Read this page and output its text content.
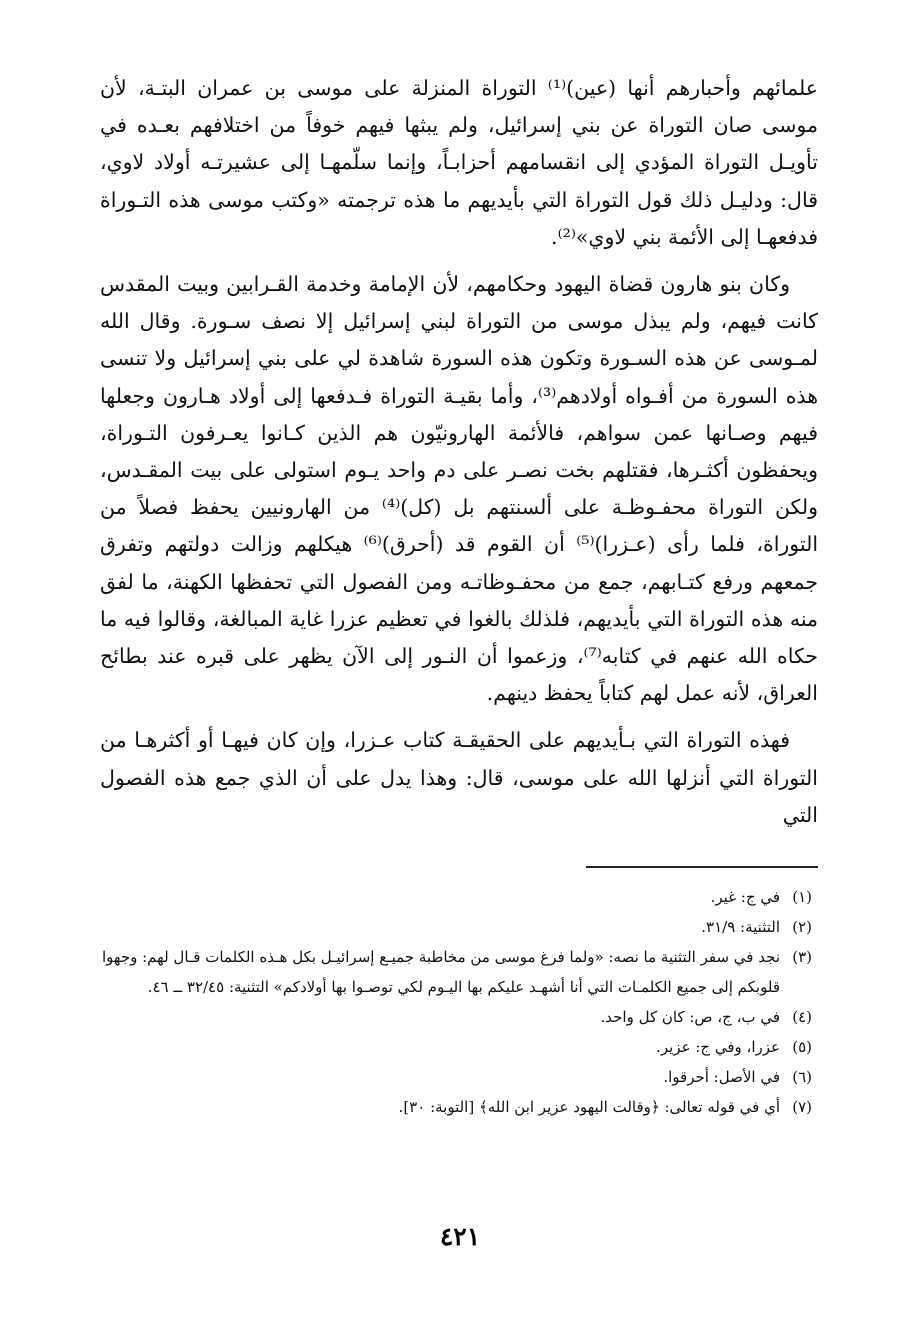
علمائهم وأحبارهم أنها (عين)⁽¹⁾ التوراة المنزلة على موسى بن عمران البتـة، لأن موسى صان التوراة عن بني إسرائيل، ولم يبثها فيهم خوفاً من اختلافهم بعـده في تأويـل التوراة المؤدي إلى انقسامهم أحزابـاً، وإنما سلّمهـا إلى عشيرتـه أولاد لاوي، قال: ودليـل ذلك قول التوراة التي بأيديهم ما هذه ترجمته «وكتب موسى هذه التـوراة فدفعهـا إلى الأئمة بني لاوي»⁽²⁾.

وكان بنو هارون قضاة اليهود وحكامهم، لأن الإمامة وخدمة القـرابين وبيت المقدس كانت فيهم، ولم يبذل موسى من التوراة لبني إسرائيل إلا نصف سـورة. وقال الله لمـوسى عن هذه السـورة وتكون هذه السورة شاهدة لي على بني إسرائيل ولا تنسى هذه السورة من أفـواه أولادهم⁽³⁾، وأما بقيـة التوراة فـدفعها إلى أولاد هـارون وجعلها فيهم وصـانها عمن سواهم، فالأئمة الهارونيّون هم الذين كـانوا يعـرفون التـوراة، ويحفظون أكثـرها، فقتلهم بخت نصـر على دم واحد يـوم استولى على بيت المقـدس، ولكن التوراة محفـوظـة على ألسنتهم بل (كل)⁽⁴⁾ من الهارونيين يحفظ فصلاً من التوراة، فلما رأى (عـزرا)⁽⁵⁾ أن القوم قد (أحرق)⁽⁶⁾ هيكلهم وزالت دولتهم وتفرق جمعهم ورفع كتـابهم، جمع من محفـوظاتـه ومن الفصول التي تحفظها الكهنة، ما لفق منه هذه التوراة التي بأيديهم، فلذلك بالغوا في تعظيم عزرا غاية المبالغة، وقالوا فيه ما حكاه الله عنهم في كتابه⁽⁷⁾، وزعموا أن النـور إلى الآن يظهر على قبره عند بطائح العراق، لأنه عمل لهم كتاباً يحفظ دينهم.

فهذه التوراة التي بـأيديهم على الحقيقـة كتاب عـزرا، وإن كان فيهـا أو أكثرهـا من التوراة التي أنزلها الله على موسى، قال: وهذا يدل على أن الذي جمع هذه الفصول التي

(١)
في ج: غير.
(٢)
التثنية: ٣١/٩.
(٣)
نجد في سفر التثنية ما نصه: «ولما فرغ موسى من مخاطبة جميـع إسرائيـل بكل هـذه الكلمات قـال لهم: وجهوا قلوبكم إلى جميع الكلمـات التي أنا أشهـد عليكم بها اليـوم لكي توصـوا بها أولادكم» التثنية: ٣٢/٤٥ ــ ٤٦.
(٤)
في ب، ج، ص: كان كل واحد.
(٥)
عزرا، وفي ج: عزير.
(٦)
في الأصل: أحرقوا.
(٧)
أي في قوله تعالى: ﴿وقالت اليهود عزير ابن الله﴾ [التوبة: ٣٠].
٤٢١
